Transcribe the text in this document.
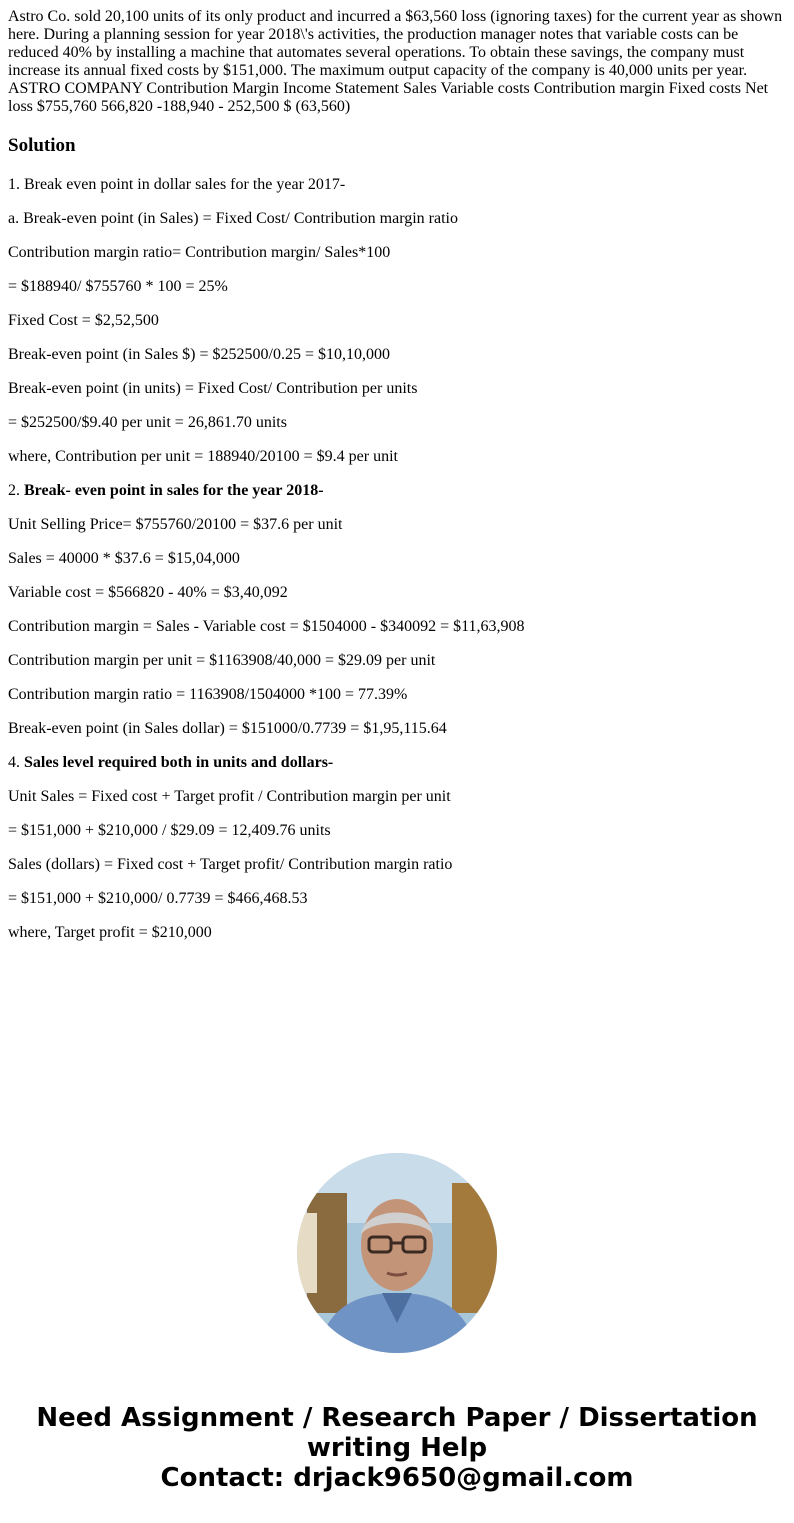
Astro Co. sold 20,100 units of its only product and incurred a $63,560 loss (ignoring taxes) for the current year as shown here. During a planning session for year 2018\'s activities, the production manager notes that variable costs can be reduced 40% by installing a machine that automates several operations. To obtain these savings, the company must increase its annual fixed costs by $151,000. The maximum output capacity of the company is 40,000 units per year. ASTRO COMPANY Contribution Margin Income Statement Sales Variable costs Contribution margin Fixed costs Net loss $755,760 566,820 -188,940 - 252,500 $ (63,560)

Solution

1. Break even point in dollar sales for the year 2017-

a. Break-even point (in Sales) = Fixed Cost/ Contribution margin ratio

Contribution margin ratio= Contribution margin/ Sales*100

= $188940/ $755760 * 100 = 25%

Fixed Cost = $2,52,500

Break-even point (in Sales $) = $252500/0.25 = $10,10,000

Break-even point (in units) = Fixed Cost/ Contribution per units

= $252500/$9.40 per unit = 26,861.70 units

where, Contribution per unit = 188940/20100 = $9.4 per unit

2. Break- even point in sales for the year 2018-

Unit Selling Price= $755760/20100 = $37.6 per unit

Sales = 40000 * $37.6 = $15,04,000

Variable cost = $566820 - 40% = $3,40,092

Contribution margin = Sales - Variable cost = $1504000 - $340092 = $11,63,908

Contribution margin per unit = $1163908/40,000 = $29.09 per unit

Contribution margin ratio = 1163908/1504000 *100 = 77.39%

Break-even point (in Sales dollar) = $151000/0.7739 = $1,95,115.64

4. Sales level required both in units and dollars-

Unit Sales = Fixed cost + Target profit / Contribution margin per unit

= $151,000 + $210,000 / $29.09 = 12,409.76 units

Sales (dollars) = Fixed cost + Target profit/ Contribution margin ratio

= $151,000 + $210,000/ 0.7739 = $466,468.53

where, Target profit = $210,000

Need Assignment / Research Paper / Dissertation
writing Help
Contact: drjack9650@gmail.com
